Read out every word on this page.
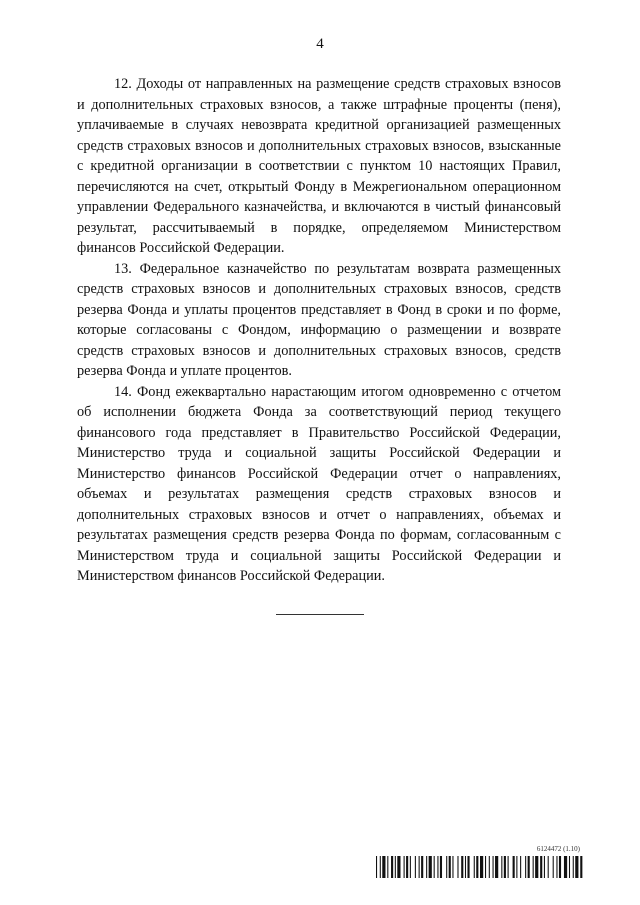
4

12. Доходы от направленных на размещение средств страховых взносов и дополнительных страховых взносов, а также штрафные проценты (пеня), уплачиваемые в случаях невозврата кредитной организацией размещенных средств страховых взносов и дополнительных страховых взносов, взысканные с кредитной организации в соответствии с пунктом 10 настоящих Правил, перечисляются на счет, открытый Фонду в Межрегиональном операционном управлении Федерального казначейства, и включаются в чистый финансовый результат, рассчитываемый в порядке, определяемом Министерством финансов Российской Федерации.

13. Федеральное казначейство по результатам возврата размещенных средств страховых взносов и дополнительных страховых взносов, средств резерва Фонда и уплаты процентов представляет в Фонд в сроки и по форме, которые согласованы с Фондом, информацию о размещении и возврате средств страховых взносов и дополнительных страховых взносов, средств резерва Фонда и уплате процентов.

14. Фонд ежеквартально нарастающим итогом одновременно с отчетом об исполнении бюджета Фонда за соответствующий период текущего финансового года представляет в Правительство Российской Федерации, Министерство труда и социальной защиты Российской Федерации и Министерство финансов Российской Федерации отчет о направлениях, объемах и результатах размещения средств страховых взносов и дополнительных страховых взносов и отчет о направлениях, объемах и результатах размещения средств резерва Фонда по формам, согласованным с Министерством труда и социальной защиты Российской Федерации и Министерством финансов Российской Федерации.

6124472 (1.10)
